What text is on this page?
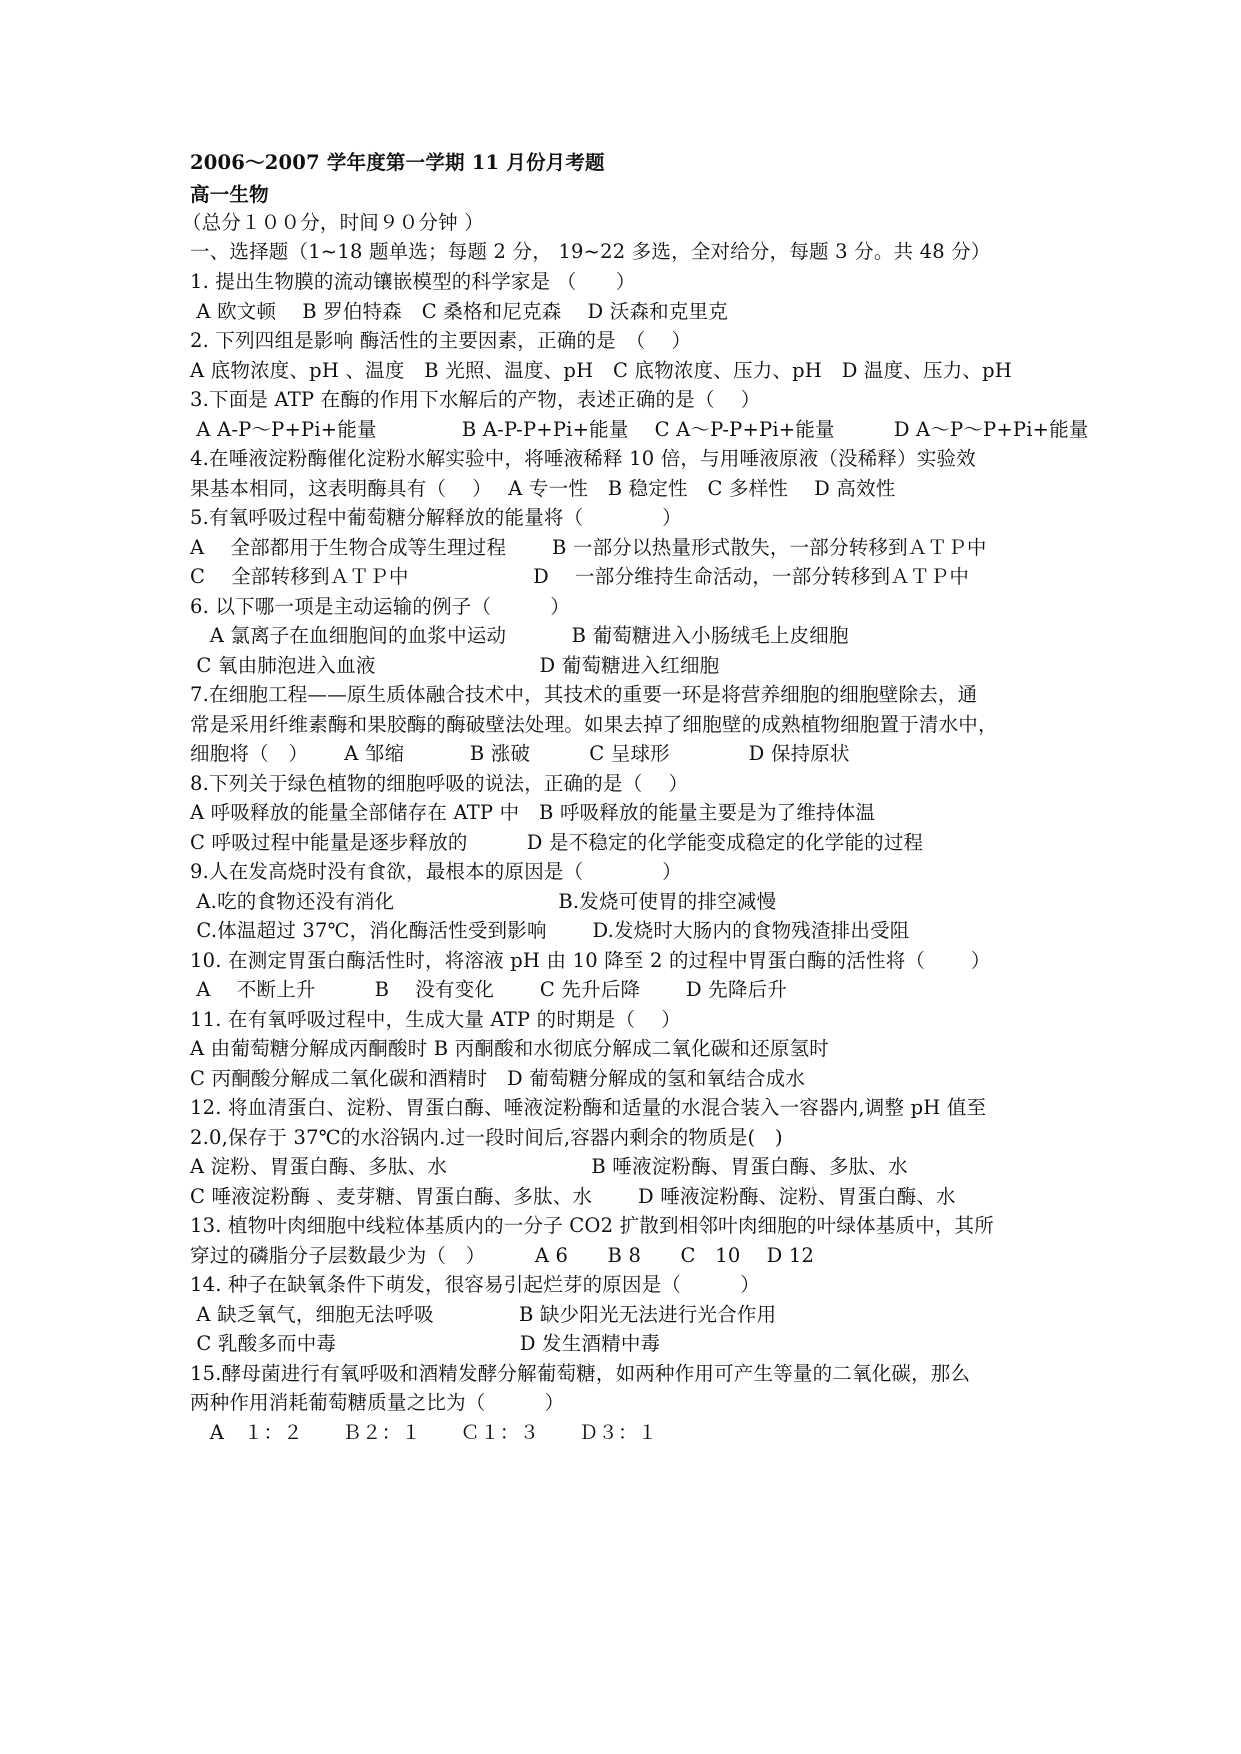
2006～2007 学年度第一学期 11 月份月考题
高一生物
（总分１００分，时间９０分钟 ）
一、选择题（1~18 题单选；每题 2 分， 19~22 多选，全对给分，每题 3 分。共 48 分）
1. 提出生物膜的流动镶嵌模型的科学家是 （　　）
A 欧文顿　 B 罗伯特森　C 桑格和尼克森　 D 沃森和克里克
2. 下列四组是影响 酶活性的主要因素，正确的是　（　 ）
A 底物浓度、pH 、温度　B 光照、温度、pH　C 底物浓度、压力、pH　D 温度、压力、pH
3.下面是 ATP 在酶的作用下水解后的产物，表述正确的是（　 ）
A A-P～P+Pi+能量　　　　 B A-P-P+Pi+能量　 C A～P-P+Pi+能量　　　D A～P～P+Pi+能量
4.在唾液淀粉酶催化淀粉水解实验中，将唾液稀释 10 倍，与用唾液原液（没稀释）实验效
果基本相同，这表明酶具有（　 ）　 A 专一性　B 稳定性　C 多样性　 D 高效性
5.有氧呼吸过程中葡萄糖分解释放的能量将（　　　　）
A　 全部都用于生物合成等生理过程　　 B 一部分以热量形式散失，一部分转移到ＡＴＰ中
C　 全部转移到ＡＴＰ中　　　　　　 D　 一部分维持生命活动，一部分转移到ＡＴＰ中
6. 以下哪一项是主动运输的例子（　　　）
　A 氯离子在血细胞间的血浆中运动　　　 B 葡萄糖进入小肠绒毛上皮细胞
C 氧由肺泡进入血液　　　　　　　　 D 葡萄糖进入红细胞
7.在细胞工程——原生质体融合技术中，其技术的重要一环是将营养细胞的细胞壁除去，通
常是采用纤维素酶和果胶酶的酶破壁法处理。如果去掉了细胞壁的成熟植物细胞置于清水中，
细胞将（　）　　 A 邹缩　　　 B 涨破　　　C 呈球形　　　　D 保持原状
8.下列关于绿色植物的细胞呼吸的说法，正确的是（　 ）
A 呼吸释放的能量全部储存在 ATP 中　B 呼吸释放的能量主要是为了维持体温
C 呼吸过程中能量是逐步释放的　　　D 是不稳定的化学能变成稳定的化学能的过程
9.人在发高烧时没有食欲，最根本的原因是（　　　　）
A.吃的食物还没有消化　　　　　　　　 B.发烧可使胃的排空减慢
C.体温超过 37℃，消化酶活性受到影响　　 D.发烧时大肠内的食物残渣排出受阻
10. 在测定胃蛋白酶活性时，将溶液 pH 由 10 降至 2 的过程中胃蛋白酶的活性将（　　 ）
A　 不断上升　　　B　 没有变化　　 C 先升后降　　 D 先降后升
11. 在有氧呼吸过程中，生成大量 ATP 的时期是（　 ）
A 由葡萄糖分解成丙酮酸时 B 丙酮酸和水彻底分解成二氧化碳和还原氢时
C 丙酮酸分解成二氧化碳和酒精时　D 葡萄糖分解成的氢和氧结合成水
12. 将血清蛋白、淀粉、胃蛋白酶、唾液淀粉酶和适量的水混合装入一容器内,调整 pH 值至
2.0,保存于 37℃的水浴锅内.过一段时间后,容器内剩余的物质是(　)
A 淀粉、胃蛋白酶、多肽、水　　　　　　　 B 唾液淀粉酶、胃蛋白酶、多肽、水
C 唾液淀粉酶 、麦芽糖、胃蛋白酶、多肽、水　　 D 唾液淀粉酶、淀粉、胃蛋白酶、水
13. 植物叶肉细胞中线粒体基质内的一分子 CO2 扩散到相邻叶肉细胞的叶绿体基质中，其所
穿过的磷脂分子层数最少为（　）　　　A 6　　B 8　　C　10　 D 12
14. 种子在缺氧条件下萌发，很容易引起烂芽的原因是（　　　）
A 缺乏氧气，细胞无法呼吸　　　　 B 缺少阳光无法进行光合作用
C 乳酸多而中毒　　　　　　　　　 D 发生酒精中毒
15.酵母菌进行有氧呼吸和酒精发酵分解葡萄糖，如两种作用可产生等量的二氧化碳，那么
两种作用消耗葡萄糖质量之比为（　　　）
　A　１：２　　Ｂ２：１　　Ｃ１：３　　Ｄ３：１
